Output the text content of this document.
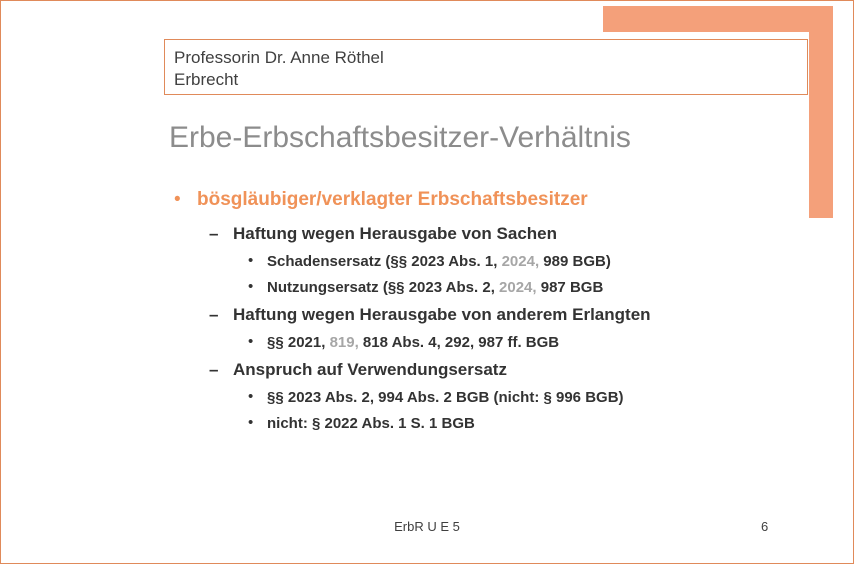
Professorin Dr. Anne Röthel
Erbrecht
Erbe-Erbschaftsbesitzer-Verhältnis
• bösgläubiger/verklagter Erbschaftsbesitzer
– Haftung wegen Herausgabe von Sachen
• Schadensersatz (§§ 2023 Abs. 1, 2024, 989 BGB)
• Nutzungsersatz (§§ 2023 Abs. 2, 2024, 987 BGB
– Haftung wegen Herausgabe von anderem Erlangten
• §§ 2021, 819, 818 Abs. 4, 292, 987 ff. BGB
– Anspruch auf Verwendungsersatz
• §§ 2023 Abs. 2, 994 Abs. 2 BGB (nicht: § 996 BGB)
• nicht: § 2022 Abs. 1 S. 1 BGB
ErbR U E 5	6
